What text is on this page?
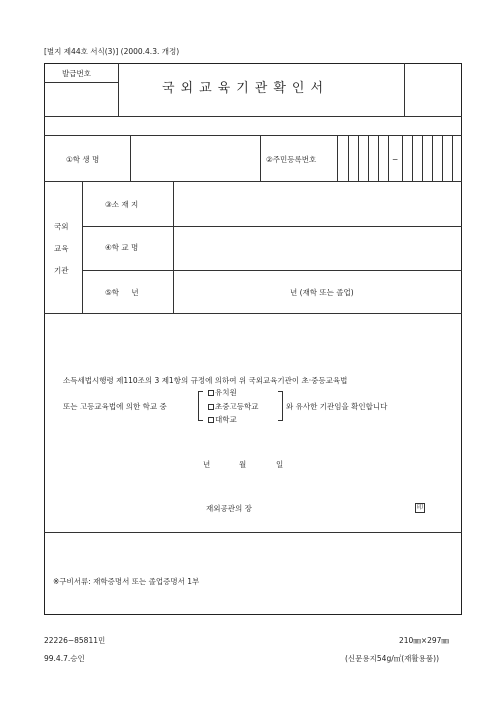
[별지 제44호 서식(3)] (2000.4.3. 개정)
발급번호
국외교육기관확인서
①학 생 명	②주민등록번호	−
국외
교육
기관
③소 재 지
④학 교 명
⑤학 년	년 (재학 또는 졸업)
소득세법시행령 제110조의 3 제1항의 규정에 의하여 위 국외교육기관이 초·중등교육법
또는 고등교육법에 의한 학교 중
유치원
초중고등학교
대학교
와 유사한 기관임을 확인합니다
년	월	일
재외공관의 장	印
※구비서류: 재학증명서 또는 졸업증명서 1부
22226−85811민
99.4.7.승인
210㎜×297㎜
(신문용지54g/㎡(재활용품))
